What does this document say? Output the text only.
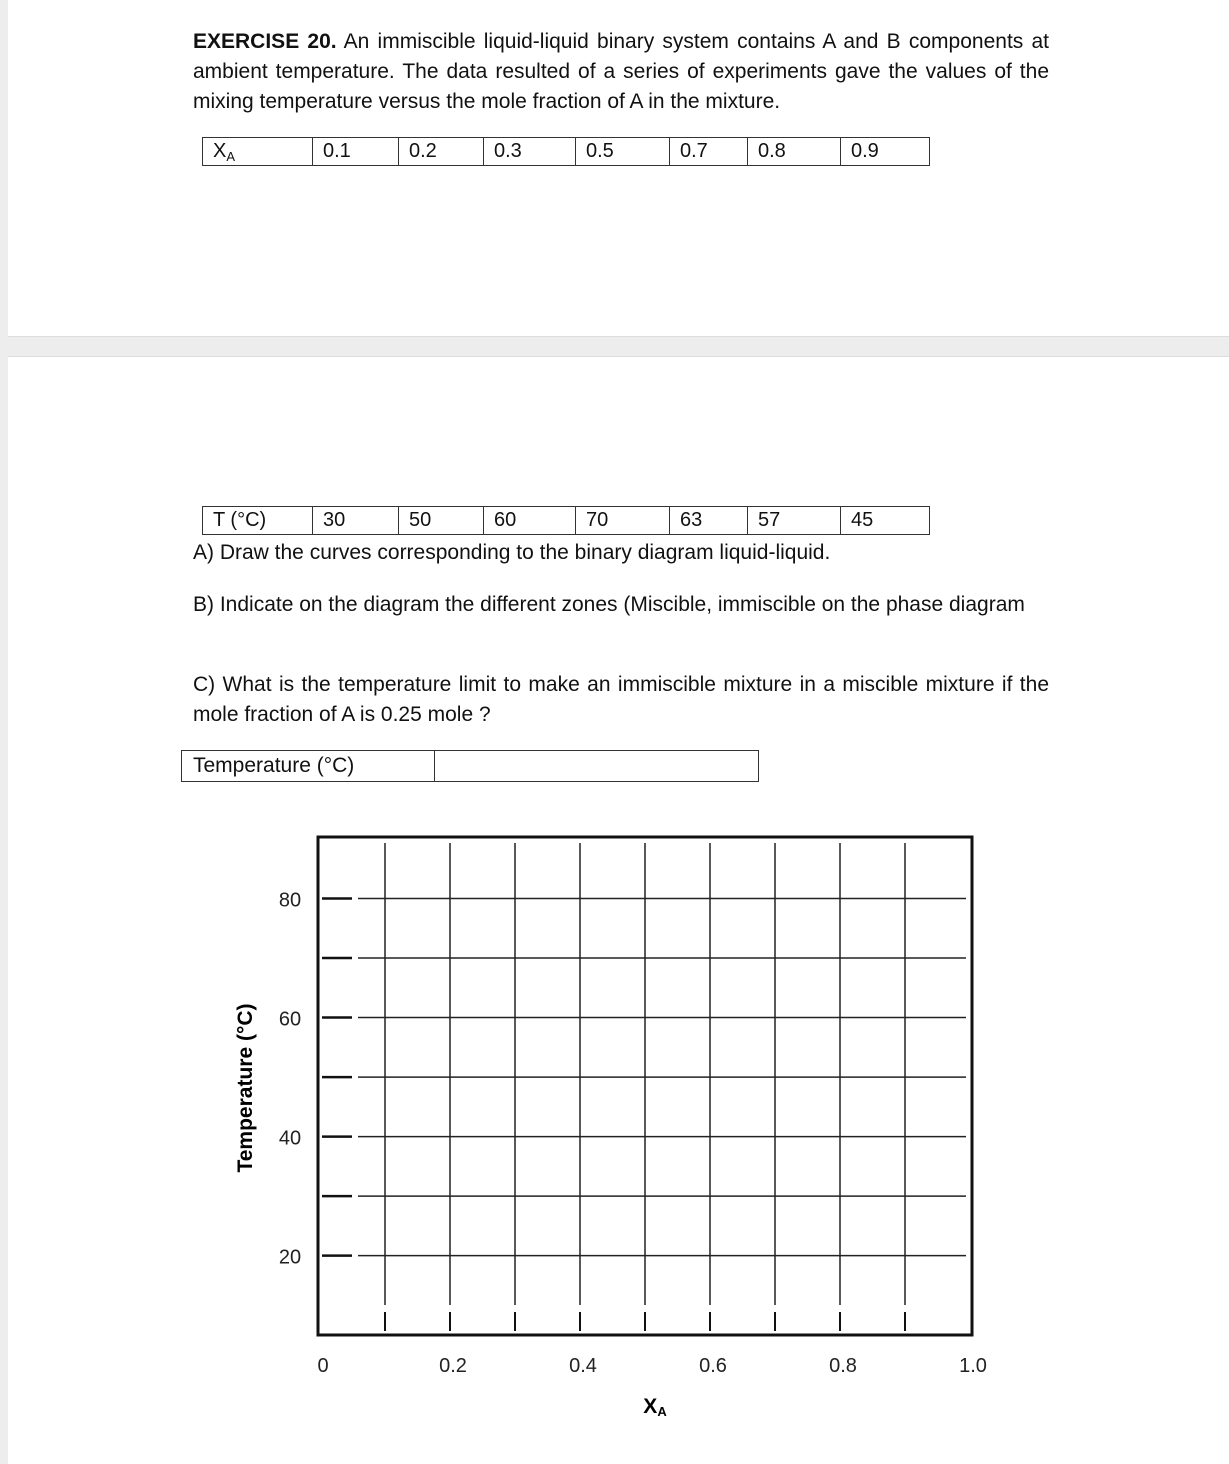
EXERCISE 20. An immiscible liquid-liquid binary system contains A and B components at ambient temperature. The data resulted of a series of experiments gave the values of the mixing temperature versus the mole fraction of A in the mixture.
$X_A$	0.1	0.2	0.3	0.5	0.7	0.8	0.9
T (°C)	30	50	60	70	63	57	45
A) Draw the curves corresponding to the binary diagram liquid-liquid.
B) Indicate on the diagram the different zones (Miscible, immiscible on the phase diagram
C) What is the temperature limit to make an immiscible mixture in a miscible mixture if the mole fraction of A is 0.25 mole ?
Temperature (°C)	
80
60
40
20
0	0.2	0.4	0.6	0.8	1.0
Temperature (°C)
XA
